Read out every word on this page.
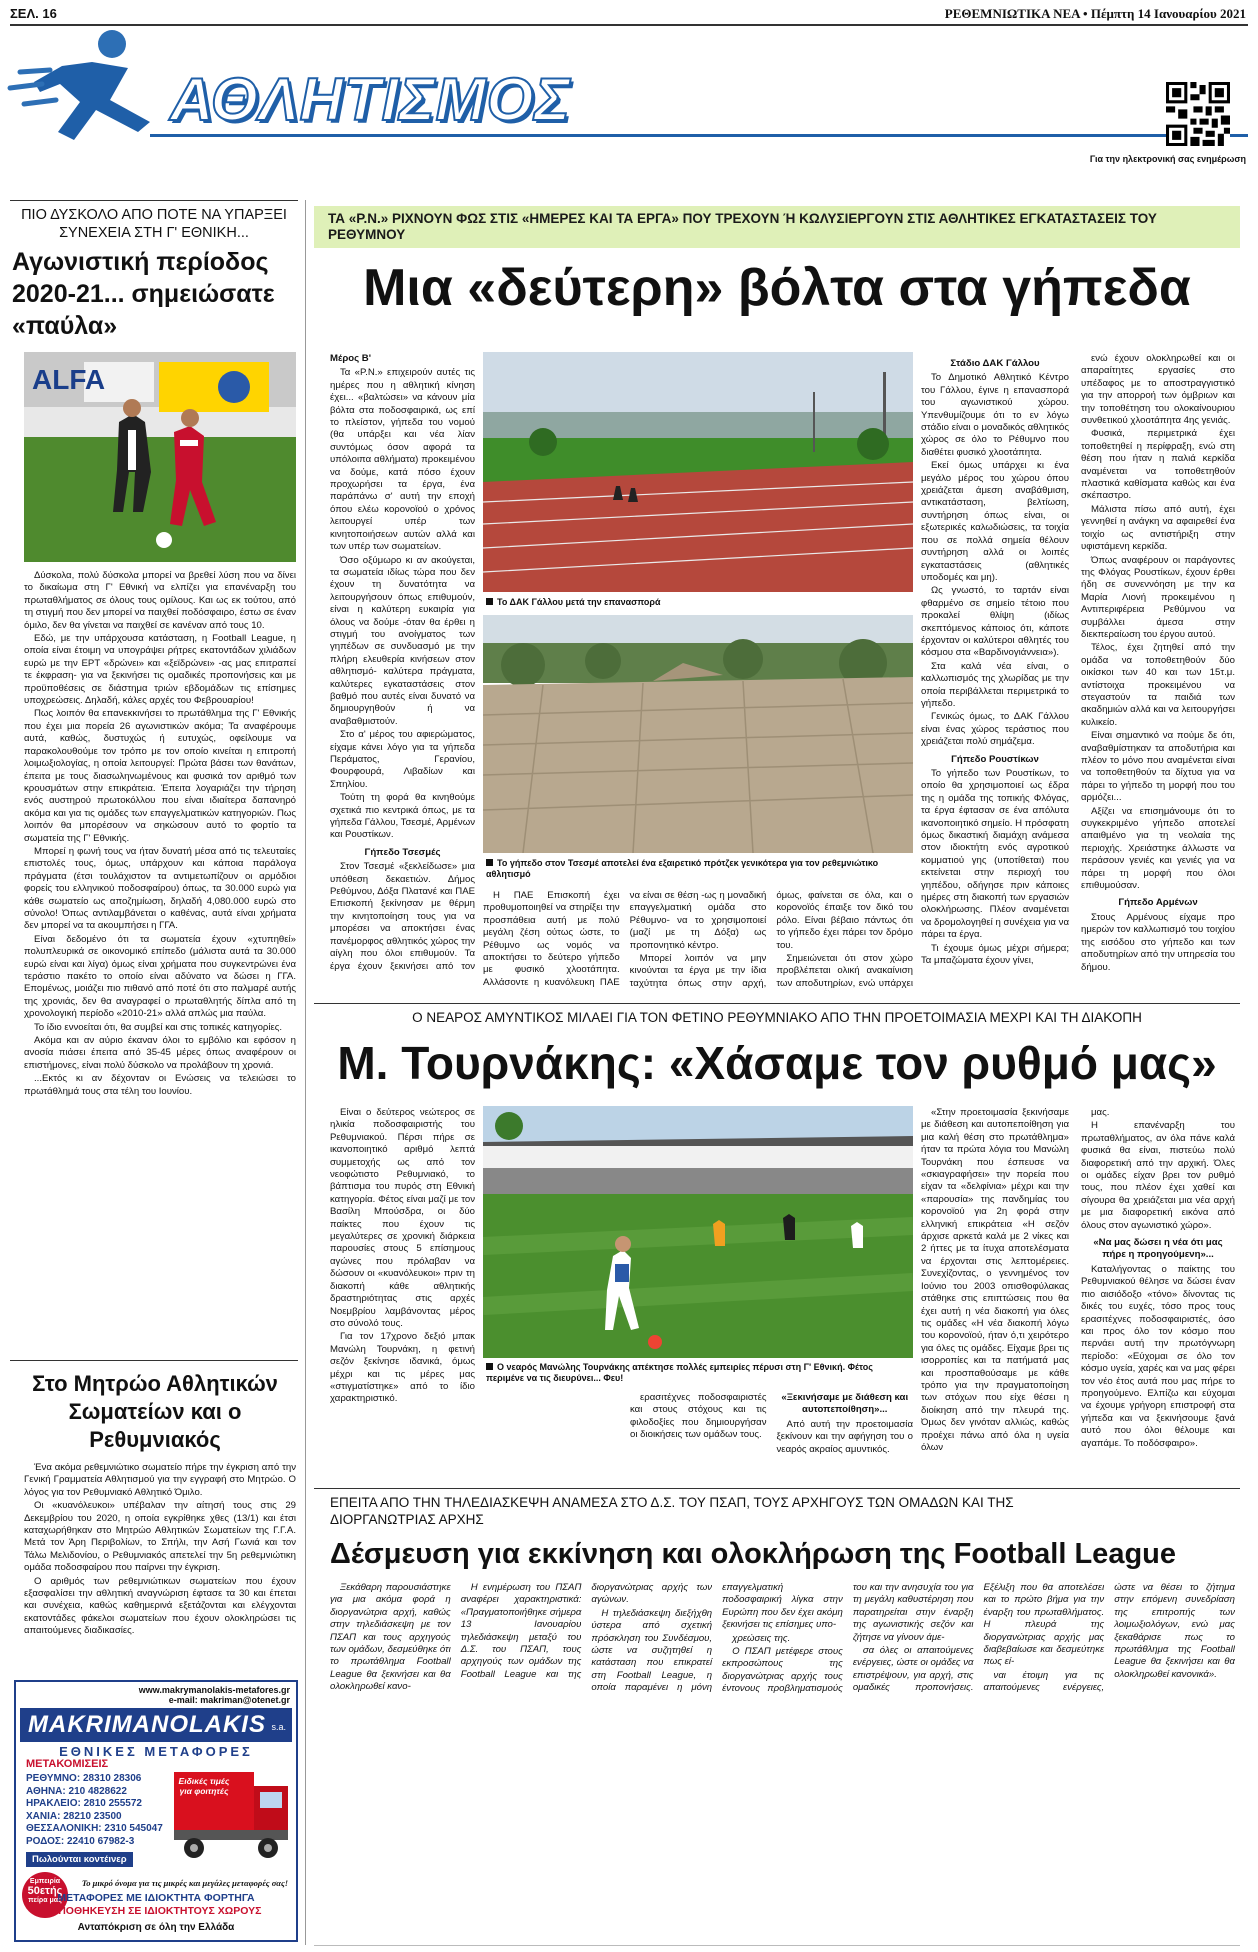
ΣΕΛ. 16	ΡΕΘΕΜΝΙΩΤΙΚΑ ΝΕΑ • Πέμπτη 14 Ιανουαρίου 2021
ΑΘΛΗΤΙΣΜΟΣ
Για την ηλεκτρονική σας ενημέρωση
ΠΙΟ ΔΥΣΚΟΛΟ ΑΠΟ ΠΟΤΕ ΝΑ ΥΠΑΡΞΕΙ ΣΥΝΕΧΕΙΑ ΣΤΗ Γ' ΕΘΝΙΚΗ...
Αγωνιστική περίοδος 2020-21... σημειώσατε «παύλα»
ALFA

Δύσκολα, πολύ δύσκολα μπορεί να βρεθεί λύση που να δίνει το δικαίωμα στη Γ' Εθνική να ελπίζει για επανέναρξη του πρωταθλήματος σε όλους τους ομίλους. Και ως εκ τούτου, από τη στιγμή που δεν μπορεί να παιχθεί ποδόσφαιρο, έστω σε έναν όμιλο, δεν θα γίνεται να παιχθεί σε κανέναν από τους 10.

Εδώ, με την υπάρχουσα κατάσταση, η Football League, η οποία είναι έτοιμη να υπογράψει ρήτρες εκατοντάδων χιλιάδων ευρώ με την ΕΡΤ «δρώνει» και «ξεϊδρώνει» -ας μας επιτραπεί τε έκφραση- για να ξεκινήσει τις ομαδικές προπονήσεις και με προϋποθέσεις σε διάστημα τριών εβδομάδων τις επίσημες υποχρεώσεις. Δηλαδή, κάλες αρχές του Φεβρουαρίου!

Πως λοιπόν θα επανεκκινήσει το πρωτάθλημα της Γ' Εθνικής που έχει μια πορεία 26 αγωνιστικών ακόμα; Τα αναφέρουμε αυτά, καθώς, δυστυχώς ή ευτυχώς, οφείλουμε να παρακολουθούμε τον τρόπο με τον οποίο κινείται η επιτροπή λοιμωξιολογίας, η οποία λειτουργεί: Πρώτα βάσει των θανάτων, έπειτα με τους διασωληνωμένους και φυσικά τον αριθμό των κρουσμάτων στην επικράτεια. Έπειτα λογαριάζει την τήρηση ενός αυστηρού πρωτοκόλλου που είναι ιδιαίτερα δαπανηρό ακόμα και για τις ομάδες των επαγγελματικών κατηγοριών. Πως λοιπόν θα μπορέσουν να σηκώσουν αυτό το φορτίο τα σωματεία της Γ' Εθνικής.

Μπορεί η φωνή τους να ήταν δυνατή μέσα από τις τελευταίες επιστολές τους, όμως, υπάρχουν και κάποια παράλογα πράγματα (έτσι τουλάχιστον τα αντιμετωπίζουν οι αρμόδιοι φορείς του ελληνικού ποδοσφαίρου) όπως, τα 30.000 ευρώ για κάθε σωματείο ως αποζημίωση, δηλαδή 4,080.000 ευρώ στο σύνολο! Όπως αντιλαμβάνεται ο καθένας, αυτά είναι χρήματα δεν μπορεί να τα ακουμπήσει η ΓΓΑ.

Είναι δεδομένο ότι τα σωματεία έχουν «χτυπηθεί» πολυπλευρικά σε οικονομικό επίπεδο (μάλιστα αυτά τα 30.000 ευρώ είναι και λίγα) όμως είναι χρήματα που συγκεντρώνει ένα τεράστιο πακέτο το οποίο είναι αδύνατο να δώσει η ΓΓΑ. Επομένως, μοιάζει πιο πιθανό από ποτέ ότι στο παλμαρέ αυτής της χρονιάς, δεν θα αναγραφεί ο πρωταθλητής δίπλα από τη χρονολογική περίοδο «2010-21» αλλά απλώς μια παύλα.

Το ίδιο εννοείται ότι, θα συμβεί και στις τοπικές κατηγορίες.

Ακόμα και αν αύριο έκαναν όλοι το εμβόλιο και εφόσον η ανοσία πιάσει έπειτα από 35-45 μέρες όπως αναφέρουν οι επιστήμονες, είναι πολύ δύσκολο να προλάβουν τη χρονιά.

...Εκτός κι αν δέχονταν οι Ενώσεις να τελειώσει το πρωτάθλημά τους στα τέλη του Ιουνίου.

Στο Μητρώο Αθλητικών Σωματείων και ο Ρεθυμνιακός

Ένα ακόμα ρεθεμνιώτικο σωματείο πήρε την έγκριση από την Γενική Γραμματεία Αθλητισμού για την εγγραφή στο Μητρώο. Ο λόγος για τον Ρεθυμνιακό Αθλητικό Όμιλο.

Οι «κυανόλευκοι» υπέβαλαν την αίτησή τους στις 29 Δεκεμβρίου του 2020, η οποία εγκρίθηκε χθες (13/1) και έτσι καταχωρήθηκαν στο Μητρώο Αθλητικών Σωματείων της Γ.Γ.Α. Μετά τον Άρη Περιβολίων, το Σπήλι, την Ασή Γωνιά και τον Τάλω Μελιδονίου, ο Ρεθυμνιακός απετελεί την 5η ρεθεμνιώτικη ομάδα ποδοσφαίρου που παίρνει την έγκριση.

Ο αριθμός των ρεθεμνιώτικων σωματείων που έχουν εξασφαλίσει την αθλητική αναγνώριση έφτασε τα 30 και έπεται και συνέχεια, καθώς καθημερινά εξετάζονται και ελέγχονται εκατοντάδες φάκελοι σωματείων που έχουν ολοκληρώσει τις απαιτούμενες διαδικασίες.

www.makrymanolakis-metafores.gr
e-mail: makriman@otenet.gr
MAKRIMANOLAKIS s.a.
ΕΘΝΙΚΕΣ ΜΕΤΑΦΟΡΕΣ
ΜΕΤΑΚΟΜΙΣΕΙΣ
ΡΕΘΥΜΝΟ: 28310 28306
ΑΘΗΝΑ: 210 4828622
ΗΡΑΚΛΕΙΟ: 2810 255572
ΧΑΝΙΑ: 28210 23500
ΘΕΣΣΑΛΟΝΙΚΗ: 2310 545047
ΡΟΔΟΣ: 22410 67982-3
Πωλούνται κοντέινερ
Ειδικές τιμές για φοιτητές
Εμπειρία
50ετής
πείρα μας
Το μικρό όνομα για τις μικρές και μεγάλες μεταφορές σας!
ΜΕΤΑΦΟΡΕΣ ΜΕ ΙΔΙΟΚΤΗΤΑ ΦΟΡΤΗΓΑ
ΑΠΟΘΗΚΕΥΣΗ ΣΕ ΙΔΙΟΚΤΗΤΟΥΣ ΧΩΡΟΥΣ
Ανταπόκριση σε όλη την Ελλάδα
ΤΑ «Ρ.Ν.» ΡΙΧΝΟΥΝ ΦΩΣ ΣΤΙΣ «ΗΜΕΡΕΣ ΚΑΙ ΤΑ ΕΡΓΑ» ΠΟΥ ΤΡΕΧΟΥΝ Ή ΚΩΛΥΣΙΕΡΓΟΥΝ ΣΤΙΣ ΑΘΛΗΤΙΚΕΣ ΕΓΚΑΤΑΣΤΑΣΕΙΣ ΤΟΥ ΡΕΘΥΜΝΟΥ
Μια «δεύτερη» βόλτα στα γήπεδα

Μέρος Β'

Τα «Ρ.Ν.» επιχειρούν αυτές τις ημέρες που η αθλητική κίνηση έχει... «βαλτώσει» να κάνουν μία βόλτα στα ποδοσφαιρικά, ως επί το πλείστον, γήπεδα του νομού (θα υπάρξει και νέα λίαν συντόμως όσον αφορά τα υπόλοιπα αθλήματα) προκειμένου να δούμε, κατά πόσο έχουν προχωρήσει τα έργα, ένα παράπάνω σ' αυτή την εποχή όπου ελέω κορονοϊού ο χρόνος λειτουργεί υπέρ των κινητοποιήσεων αυτών αλλά και των υπέρ των σωματείων.

Όσο οξύμωρο κι αν ακούγεται, τα σωματεία ιδίως τώρα που δεν έχουν τη δυνατότητα να λειτουργήσουν όπως επιθυμούν, είναι η καλύτερη ευκαιρία για όλους να δούμε -όταν θα έρθει η στιγμή του ανοίγματος των γηπέδων σε συνδυασμό με την πλήρη ελευθερία κινήσεων στον αθλητισμό- καλύτερα πράγματα, καλύτερες εγκαταστάσεις στον βαθμό που αυτές είναι δυνατό να δημιουργηθούν ή να αναβαθμιστούν.

Στο α' μέρος του αφιερώματος, είχαμε κάνει λόγο για τα γήπεδα Περάματος, Γερανίου, Φουρφουρά, Λιβαδίων και Σπηλίου.

Τούτη τη φορά θα κινηθούμε σχετικά πιο κεντρικά όπως, με τα γήπεδα Γάλλου, Τσεσμέ, Αρμένων και Ρουστίκων.

Γήπεδο Τσεσμές

Στον Τσεσμέ «ξεκλείδωσε» μια υπόθεση δεκαετιών. Δήμος Ρεθύμνου, Δόξα Πλατανέ και ΠΑΕ Επισκοπή ξεκίνησαν με θέρμη την κινητοποίηση τους για να μπορέσει να αποκτήσει ένας πανέμορφος αθλητικός χώρος την αίγλη που όλοι επιθυμούν. Τα έργα έχουν ξεκινήσει από τον

Το ΔΑΚ Γάλλου μετά την επανασπορά
Το γήπεδο στον Τσεσμέ αποτελεί ένα εξαιρετικό πρότζεκ γενικότερα για τον ρεθεμνιώτικο αθλητισμό

Η ΠΑΕ Επισκοπή έχει προθυμοποιηθεί να στηρίξει την προσπάθεια αυτή με πολύ μεγάλη ζέση ούτως ώστε, το Ρέθυμνο ως νομός να αποκτήσει το δεύτερο γήπεδο με φυσικό χλοοτάπητα. Αλλάσοντε η κυανόλευκη ΠΑΕ να είναι σε θέση -ως η μοναδική επαγγελματική ομάδα στο Ρέθυμνο- να το χρησιμοποιεί (μαζί με τη Δόξα) ως προπονητικό κέντρο.

Μπορεί λοιπόν να μην κινούνται τα έργα με την ίδια ταχύτητα όπως στην αρχή, όμως, φαίνεται σε όλα, και ο κορονοϊός έπαιξε τον δικό του ρόλο. Είναι βέβαιο πάντως ότι το γήπεδο έχει πάρει τον δρόμο του.

Σημειώνεται ότι στον χώρο προβλέπεται ολική ανακαίνιση των αποδυτηρίων, ενώ υπάρχει

Στάδιο ΔΑΚ Γάλλου

Το Δημοτικό Αθλητικό Κέντρο του Γάλλου, έγινε η επανασπορά του αγωνιστικού χώρου. Υπενθυμίζουμε ότι το εν λόγω στάδιο είναι ο μοναδικός αθλητικός χώρος σε όλο το Ρέθυμνο που διαθέτει φυσικό χλοοτάπητα.

Εκεί όμως υπάρχει κι ένα μεγάλο μέρος του χώρου όπου χρειάζεται άμεση αναβάθμιση, αντικατάσταση, βελτίωση, συντήρηση όπως είναι, οι εξωτερικές καλωδιώσεις, τα τοιχία που σε πολλά σημεία θέλουν συντήρηση αλλά οι λοιπές εγκαταστάσεις (αθλητικές υποδομές και μη).

Ως γνωστό, το ταρτάν είναι φθαρμένο σε σημείο τέτοιο που προκαλεί θλίψη (ιδίως σκεπτόμενος κάποιος ότι, κάποτε έρχονταν οι καλύτεροι αθλητές του κόσμου στα «Βαρδινογιάννεια»).

Στα καλά νέα είναι, ο καλλωπισμός της χλωρίδας με την οποία περιβάλλεται περιμετρικά το γήπεδο.

Γενικώς όμως, το ΔΑΚ Γάλλου είναι ένας χώρος τεράστιος που χρειάζεται πολύ σημάζεμα.

Γήπεδο Ρουστίκων

Το γήπεδο των Ρουστίκων, το οποίο θα χρησιμοποιεί ως έδρα της η ομάδα της τοπικής Φλόγας, τα έργα έφτασαν σε ένα απόλυτα ικανοποιητικό σημείο. Η πρόσφατη όμως δικαστική διαμάχη ανάμεσα στον ιδιοκτήτη ενός αγροτικού κομματιού γης (υποτίθεται) που εκτείνεται στην περιοχή του γηπέδου, οδήγησε πριν κάποιες ημέρες στη διακοπή των εργασιών ολοκλήρωσης. Πλέον αναμένεται να δρομολογηθεί η συνέχεια για να πάρει τα έργα.

Τι έχουμε όμως μέχρι σήμερα; Τα μπαζώματα έχουν γίνει,

ενώ έχουν ολοκληρωθεί και οι απαραίτητες εργασίες στο υπέδαφος με το αποστραγγιστικό για την απορροή των όμβριων και την τοποθέτηση του ολοκαίνουριου συνθετικού χλοοτάπητα 4ης γενιάς.

Φυσικά, περιμετρικά έχει τοποθετηθεί η περίφραξη, ενώ στη θέση που ήταν η παλιά κερκίδα αναμένεται να τοποθετηθούν πλαστικά καθίσματα καθώς και ένα σκέπαστρο.

Μάλιστα πίσω από αυτή, έχει γεννηθεί η ανάγκη να αφαιρεθεί ένα τοιχίο ως αντιστήριξη στην υφιστάμενη κερκίδα.

Όπως αναφέρουν οι παράγοντες της Φλόγας Ρουστίκων, έχουν έρθει ήδη σε συνεννόηση με την κα Μαρία Λιονή προκειμένου η Αντιπεριφέρεια Ρεθύμνου να συμβάλλει άμεσα στην διεκπεραίωση του έργου αυτού.

Τέλος, έχει ζητηθεί από την ομάδα να τοποθετηθούν δύο οικίσκοι των 40 και των 15τ.μ. αντίστοιχα προκειμένου να στεγαστούν τα παιδιά των ακαδημιών αλλά και να λειτουργήσει κυλικείο.

Είναι σημαντικό να πούμε δε ότι, αναβαθμίστηκαν τα αποδυτήρια και πλέον το μόνο που αναμένεται είναι να τοποθετηθούν τα δίχτυα για να πάρει το γήπεδο τη μορφή που του αρμόζει...

Αξίζει να επισημάνουμε ότι το συγκεκριμένο γήπεδο αποτελεί απαιθμένο για τη νεολαία της περιοχής. Χρειάστηκε άλλωστε να περάσουν γενιές και γενιές για να πάρει τη μορφή που όλοι επιθυμούσαν.

Γήπεδο Αρμένων

Στους Αρμένους είχαμε προ ημερών τον καλλωπισμό του τοιχίου της εισόδου στο γήπεδο και των αποδυτηρίων από την υπηρεσία του δήμου.

Ο ΝΕΑΡΟΣ ΑΜΥΝΤΙΚΟΣ ΜΙΛΑΕΙ ΓΙΑ ΤΟΝ ΦΕΤΙΝΟ ΡΕΘΥΜΝΙΑΚΟ ΑΠΟ ΤΗΝ ΠΡΟΕΤΟΙΜΑΣΙΑ ΜΕΧΡΙ ΚΑΙ ΤΗ ΔΙΑΚΟΠΗ
Μ. Τουρνάκης: «Χάσαμε τον ρυθμό μας»

Είναι ο δεύτερος νεώτερος σε ηλικία ποδοσφαιριστής του Ρεθυμνιακού. Πέρσι πήρε σε ικανοποιητικό αριθμό λεπτά συμμετοχής ως από τον νεοφώτιστο Ρεθυμνιακό, το βάπτισμα του πυρός στη Εθνική κατηγορία. Φέτος είναι μαζί με τον Βασίλη Μπούσδρα, οι δύο παίκτες που έχουν τις μεγαλύτερες σε χρονική διάρκεια παρουσίες στους 5 επίσημους αγώνες που πρόλαβαν να δώσουν οι «κυανόλευκοι» πριν τη διακοπή κάθε αθλητικής δραστηριότητας στις αρχές Νοεμβρίου λαμβάνοντας μέρος στο σύνολό τους.

Για τον 17χρονο δεξιό μπακ Μανώλη Τουρνάκη, η φετινή σεζόν ξεκίνησε ιδανικά, όμως μέχρι και τις μέρες μας «στιγματίστηκε» από το ίδιο χαρακτηριστικό.

Ο νεαρός Μανώλης Τουρνάκης απέκτησε πολλές εμπειρίες πέρυσι στη Γ' Εθνική. Φέτος περιμένε να τις διευρύνει... Φευ!

ερασιτέχνες ποδοσφαιριστές και στους στόχους και τις φιλοδοξίες που δημιουργήσαν οι διοικήσεις των ομάδων τους.

«Ξεκινήσαμε με διάθεση και αυτοπεποίθηση»...

Από αυτή την προετοιμασία ξεκίνουν και την αφήγηση του ο νεαρός ακραίος αμυντικός.

«Στην προετοιμασία ξεκινήσαμε με διάθεση και αυτοπεποίθηση για μια καλή θέση στο πρωτάθλημα» ήταν τα πρώτα λόγια του Μανώλη Τουρνάκη που έσπευσε να «σκιαγραφήσει» την πορεία που είχαν τα «δελφίνια» μέχρι και την «παρουσία» της πανδημίας του κορονοϊού για 2η φορά στην ελληνική επικράτεια «Η σεζόν άρχισε αρκετά καλά με 2 νίκες και 2 ήττες με τα ίτυχα αποτελέσματα να έρχονται στις λεπτομέρειες. Συνεχίζοντας, ο γεννημένος τον Ιούνιο του 2003 οπισθοφύλακας στάθηκε στις επιπτώσεις που θα έχει αυτή η νέα διακοπή για όλες τις ομάδες «Η νέα διακοπή λόγω του κορονοϊού, ήταν ό,τι χειρότερο για όλες τις ομάδες. Είχαμε βρει τις ισορροπίες και τα πατήματά μας και προσπαθούσαμε με κάθε τρόπο για την πραγματοποίηση των στόχων που είχε θέσει η διοίκηση από την πλευρά της. Όμως δεν γινόταν αλλιώς, καθώς προέχει πάνω από όλα η υγεία όλων

μας.

Η επανέναρξη του πρωταθλήματος, αν όλα πάνε καλά φυσικά θα είναι, πιστεύω πολύ διαφορετική από την αρχική. Όλες οι ομάδες είχαν βρει τον ρυθμό τους, που πλέον έχει χαθεί και σίγουρα θα χρειάζεται μια νέα αρχή με μια διαφορετική εικόνα από όλους στον αγωνιστικό χώρο».

«Να μας δώσει η νέα ότι μας πήρε η προηγούμενη»...

Καταλήγοντας ο παίκτης του Ρεθυμνιακού θέλησε να δώσει έναν πιο αισιόδοξο «τόνο» δίνοντας τις δικές του ευχές, τόσο προς τους ερασιτέχνες ποδοσφαιριστές, όσο και προς όλο τον κόσμο που περνάει αυτή την πρωτόγνωρη περίοδο: «Εύχομαι σε όλο τον κόσμο υγεία, χαρές και να μας φέρει τον νέο έτος αυτά που μας πήρε το προηγούμενο. Ελπίζω και εύχομαι να έχουμε γρήγορη επιστροφή στα γήπεδα και να ξεκινήσουμε ξανά αυτό που όλοι θέλουμε και αγαπάμε. Το ποδόσφαιρο».

ΕΠΕΙΤΑ ΑΠΟ ΤΗΝ ΤΗΛΕΔΙΑΣΚΕΨΗ ΑΝΑΜΕΣΑ ΣΤΟ Δ.Σ. ΤΟΥ ΠΣΑΠ, ΤΟΥΣ ΑΡΧΗΓΟΥΣ ΤΩΝ ΟΜΑΔΩΝ ΚΑΙ ΤΗΣ ΔΙΟΡΓΑΝΩΤΡΙΑΣ ΑΡΧΗΣ
Δέσμευση για εκκίνηση και ολοκλήρωση της Football League

Ξεκάθαρη παρουσιάστηκε για μια ακόμα φορά η διοργανώτρια αρχή, καθώς στην τηλεδιάσκεψη με τον ΠΣΑΠ και τους αρχηγούς των ομάδων, δεσμεύθηκε ότι το πρωτάθλημα Football League θα ξεκινήσει και θα ολοκληρωθεί κανο-

Η ενημέρωση του ΠΣΑΠ αναφέρει χαρακτηριστικά: «Πραγματοποιήθηκε σήμερα 13 Ιανουαρίου τηλεδιάσκεψη μεταξύ του Δ.Σ. του ΠΣΑΠ, τους αρχηγούς των ομάδων της Football League και της διοργανώτριας αρχής των αγώνων.

Η τηλεδιάσκεψη διεξήχθη ύστερα από σχετική πρόσκληση του Συνδέσμου, ώστε να συζητηθεί η κατάσταση που επικρατεί στη Football League, η οποία παραμένει η μόνη επαγγελματική ποδοσφαιρική λίγκα στην Ευρώπη που δεν έχει ακόμη ξεκινήσει τις επίσημες υπο-

χρεώσεις της.

Ο ΠΣΑΠ μετέφερε στους εκπροσώπους της διοργανώτριας αρχής τους έντονους προβληματισμούς του και την ανησυχία του για τη μεγάλη καθυστέρηση που παρατηρείται στην έναρξη της αγωνιστικής σεζόν και ζήτησε να γίνουν άμε-

σα όλες οι απαιτούμενες ενέργειες, ώστε οι ομάδες να επιστρέψουν, για αρχή, στις ομαδικές προπονήσεις. Εξέλιξη που θα αποτελέσει και το πρώτο βήμα για την έναρξη του πρωταθλήματος. Η πλευρά της διοργανώτριας αρχής μας διαβεβαίωσε και δεσμεύτηκε πως εί-

ναι έτοιμη για τις απαιτούμενες ενέργειες, ώστε να θέσει το ζήτημα στην επόμενη συνεδρίαση της επιτροπής των λοιμωξιολόγων, ενώ μας ξεκαθάρισε πως το πρωτάθλημα της Football League θα ξεκινήσει και θα ολοκληρωθεί κανονικά».
